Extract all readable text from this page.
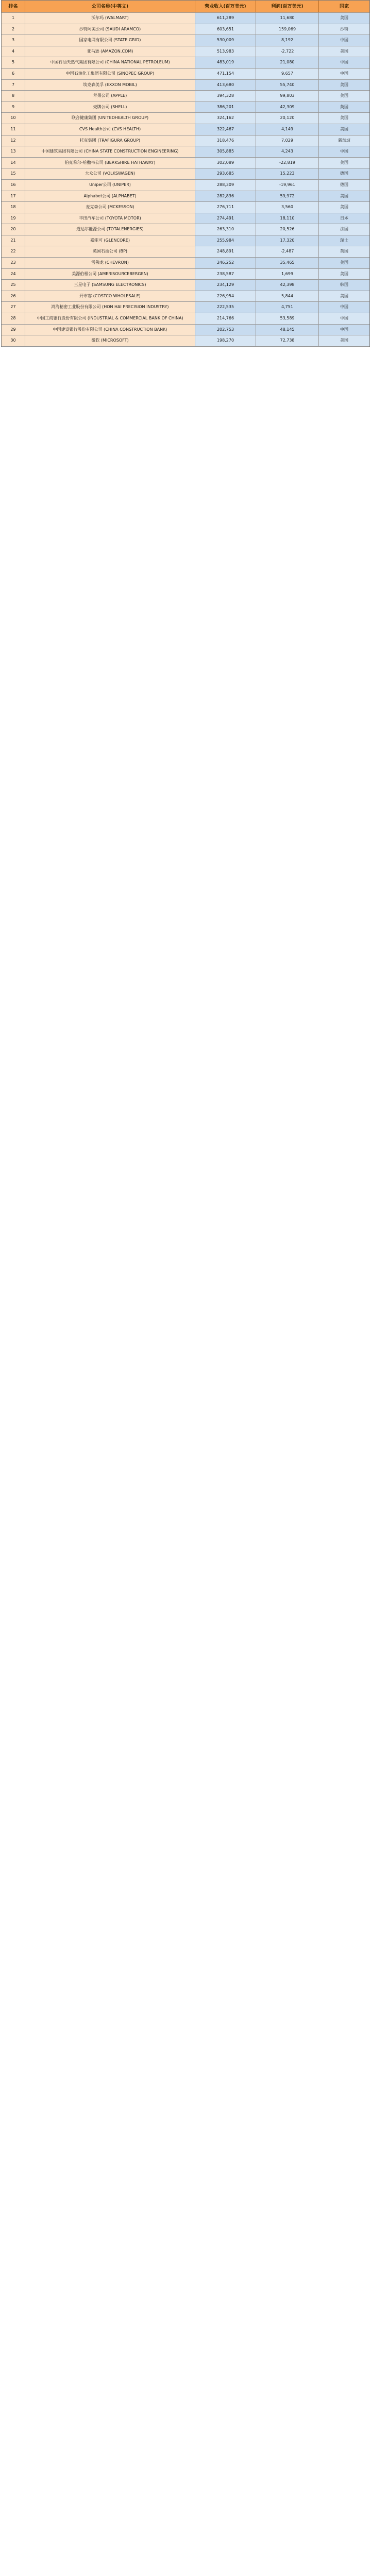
排名	公司名称(中英文)	营业收入(百万美元)	利润(百万美元)	国家
1	沃尔玛 (WALMART)	611,289	11,680	美国
2	沙特阿美公司 (SAUDI ARAMCO)	603,651	159,069	沙特
3	国家电网有限公司 (STATE GRID)	530,009	8,192	中国
4	亚马逊 (AMAZON.COM)	513,983	-2,722	美国
5	中国石油天然气集团有限公司 (CHINA NATIONAL PETROLEUM)	483,019	21,080	中国
6	中国石油化工集团有限公司 (SINOPEC GROUP)	471,154	9,657	中国
7	埃克森美孚 (EXXON MOBIL)	413,680	55,740	美国
8	苹果公司 (APPLE)	394,328	99,803	美国
9	壳牌公司 (SHELL)	386,201	42,309	英国
10	联合健康集团 (UNITEDHEALTH GROUP)	324,162	20,120	美国
11	CVS Health公司 (CVS HEALTH)	322,467	4,149	美国
12	托克集团 (TRAFIGURA GROUP)	318,476	7,029	新加坡
13	中国建筑集团有限公司 (CHINA STATE CONSTRUCTION ENGINEERING)	305,885	4,243	中国
14	伯克希尔-哈撒韦公司 (BERKSHIRE HATHAWAY)	302,089	-22,819	美国
15	大众公司 (VOLKSWAGEN)	293,685	15,223	德国
16	Uniper公司 (UNIPER)	288,309	-19,961	德国
17	Alphabet公司 (ALPHABET)	282,836	59,972	美国
18	麦克森公司 (MCKESSON)	276,711	3,560	美国
19	丰田汽车公司 (TOYOTA MOTOR)	274,491	18,110	日本
20	道达尔能源公司 (TOTALENERGIES)	263,310	20,526	法国
21	嘉能可 (GLENCORE)	255,984	17,320	瑞士
22	英国石油公司 (BP)	248,891	-2,487	英国
23	雪佛龙 (CHEVRON)	246,252	35,465	美国
24	美源伯根公司 (AMERISOURCEBERGEN)	238,587	1,699	美国
25	三星电子 (SAMSUNG ELECTRONICS)	234,129	42,398	韩国
26	开市客 (COSTCO WHOLESALE)	226,954	5,844	美国
27	鸿海精密工业股份有限公司 (HON HAI PRECISION INDUSTRY)	222,535	4,751	中国
28	中国工商银行股份有限公司 (INDUSTRIAL & COMMERCIAL BANK OF CHINA)	214,766	53,589	中国
29	中国建设银行股份有限公司 (CHINA CONSTRUCTION BANK)	202,753	48,145	中国
30	微软 (MICROSOFT)	198,270	72,738	美国
